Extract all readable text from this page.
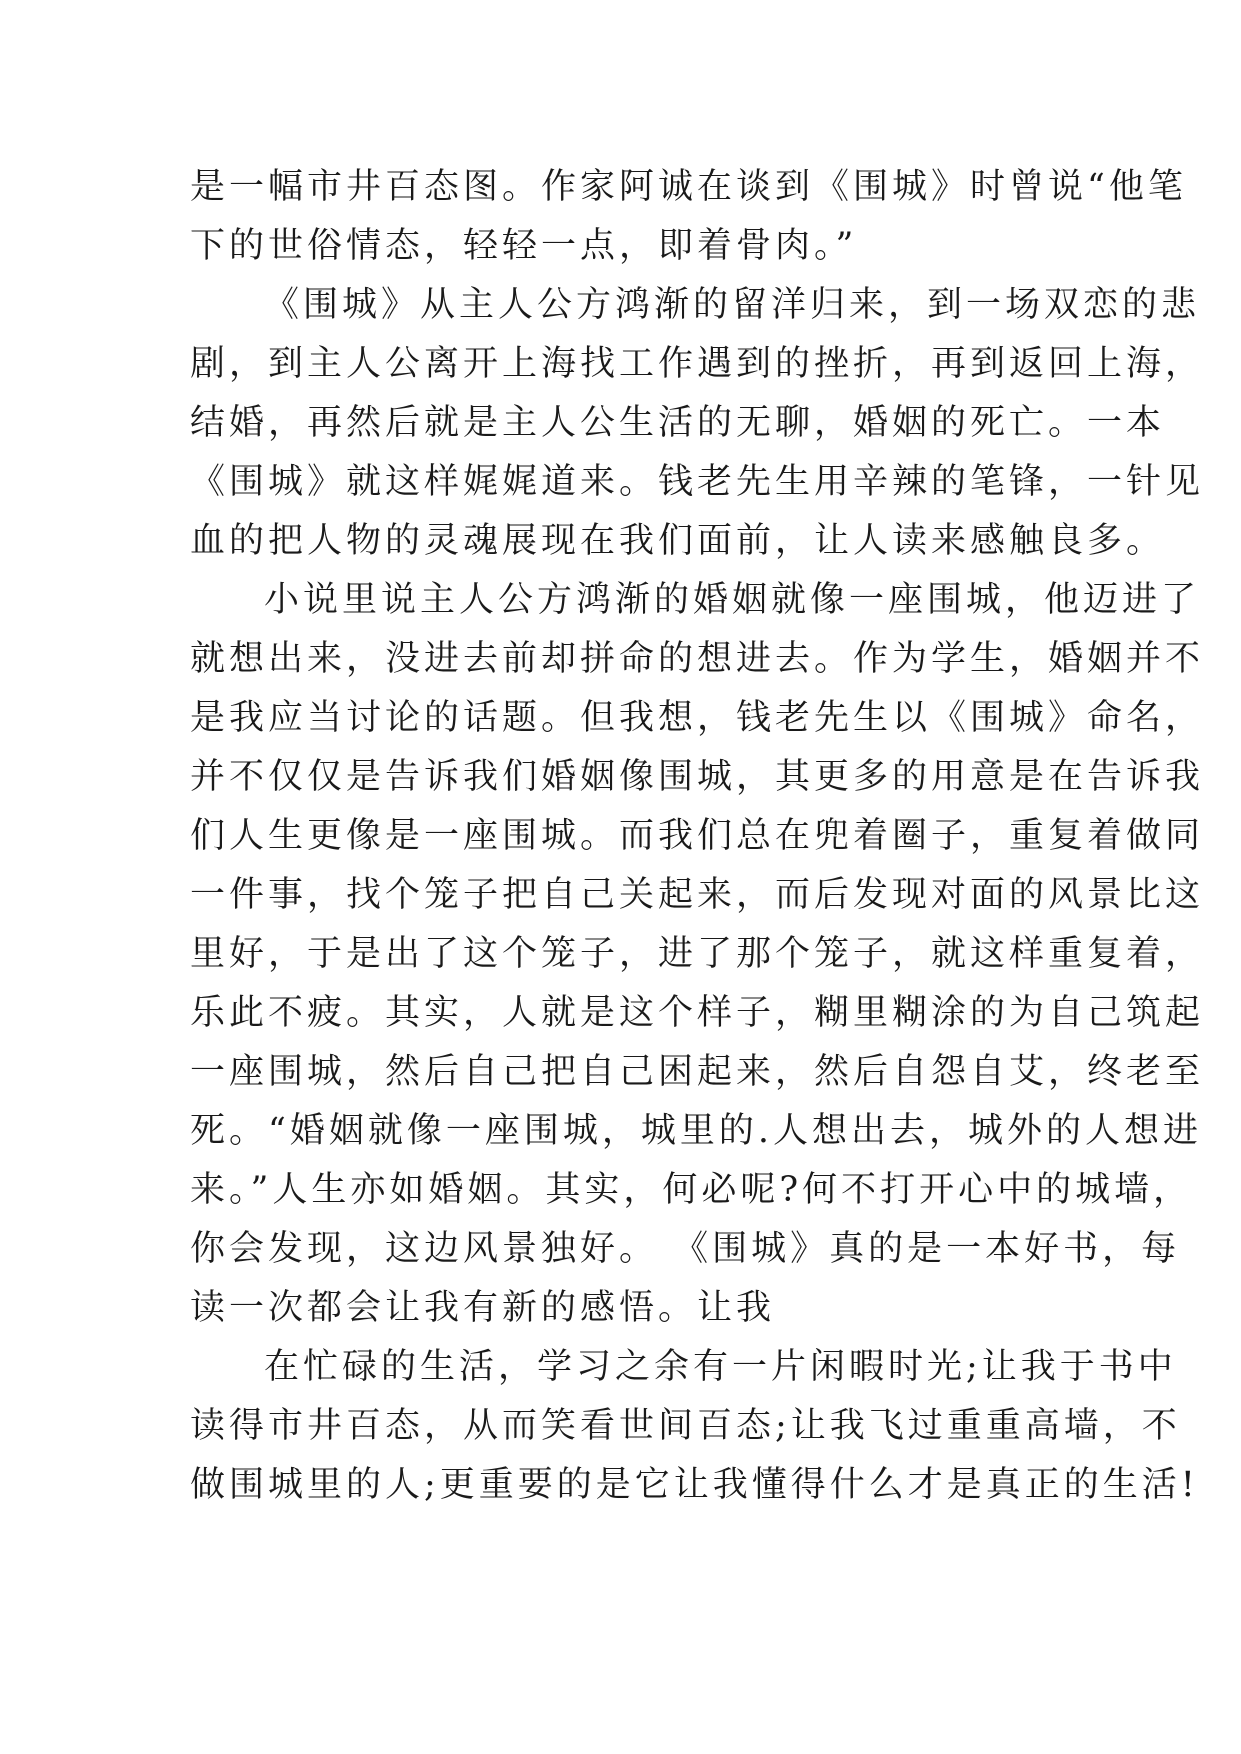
是一幅市井百态图。作家阿诚在谈到《围城》时曾说“他笔
下的世俗情态，轻轻一点，即着骨肉。”
《围城》从主人公方鸿渐的留洋归来，到一场双恋的悲
剧，到主人公离开上海找工作遇到的挫折，再到返回上海，
结婚，再然后就是主人公生活的无聊，婚姻的死亡。一本
《围城》就这样娓娓道来。钱老先生用辛辣的笔锋，一针见
血的把人物的灵魂展现在我们面前，让人读来感触良多。
小说里说主人公方鸿渐的婚姻就像一座围城，他迈进了
就想出来，没进去前却拼命的想进去。作为学生，婚姻并不
是我应当讨论的话题。但我想，钱老先生以《围城》命名，
并不仅仅是告诉我们婚姻像围城，其更多的用意是在告诉我
们人生更像是一座围城。而我们总在兜着圈子，重复着做同
一件事，找个笼子把自己关起来，而后发现对面的风景比这
里好，于是出了这个笼子，进了那个笼子，就这样重复着，
乐此不疲。其实，人就是这个样子，糊里糊涂的为自己筑起
一座围城，然后自己把自己困起来，然后自怨自艾，终老至
死。“婚姻就像一座围城，城里的.人想出去，城外的人想进
来。”人生亦如婚姻。其实，何必呢?何不打开心中的城墙，
你会发现，这边风景独好。 《围城》真的是一本好书，每
读一次都会让我有新的感悟。让我
在忙碌的生活，学习之余有一片闲暇时光;让我于书中
读得市井百态，从而笑看世间百态;让我飞过重重高墙，不
做围城里的人;更重要的是它让我懂得什么才是真正的生活!
